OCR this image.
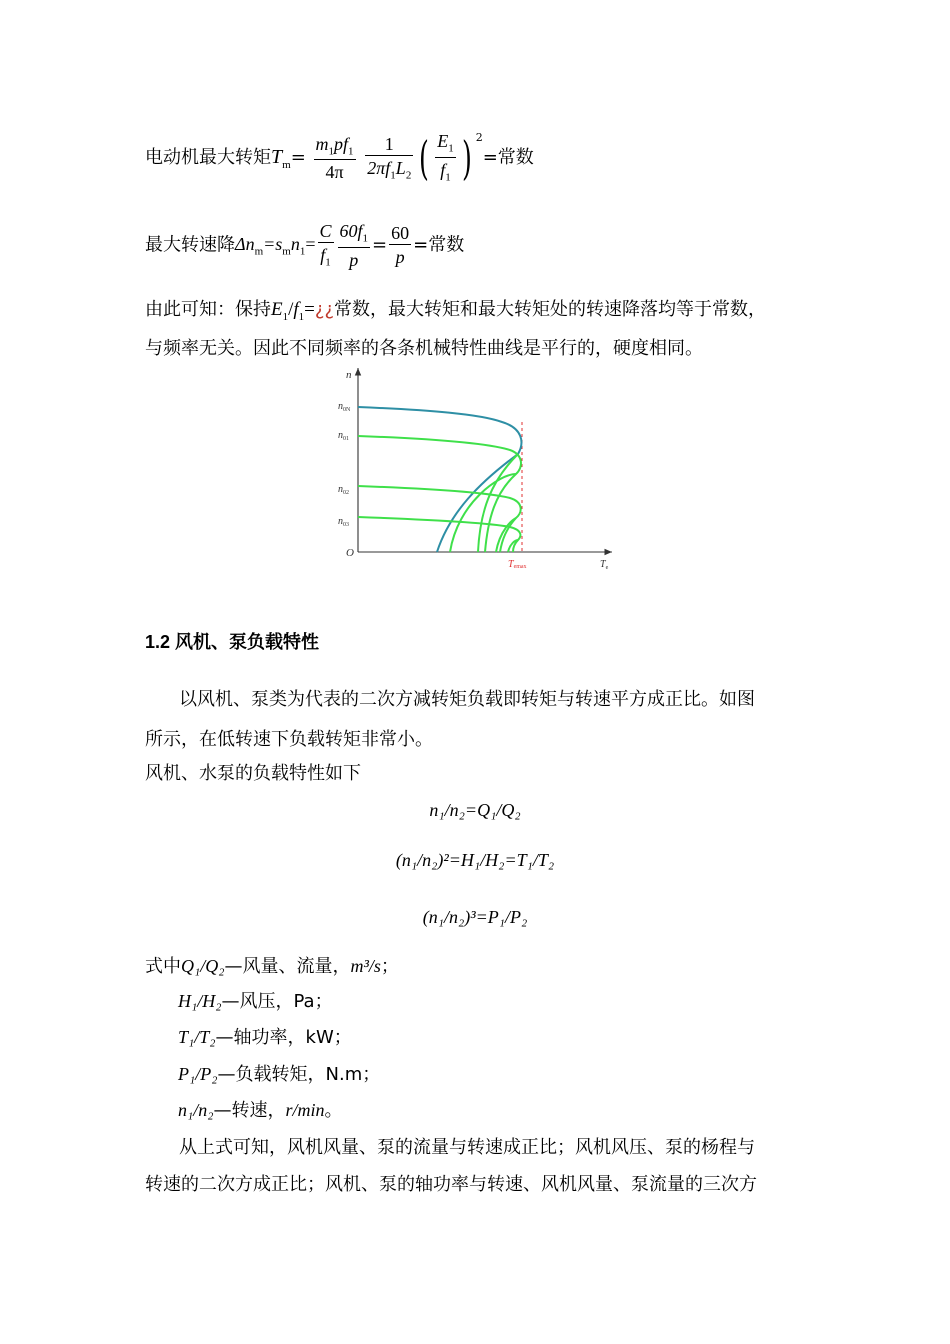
电动机最大转矩$T_m= \frac{m_1pf_1}{4\pi}$
$\frac{1}{2\pi f_1L_2}$ ( $\frac{E_1}{f_1}$ ) $^2$=常数
最大转速降$\Delta n_m=s_mn_1= \frac{C}{f_1} \frac{60f_1}{p} = \frac{60}{p}$ =常数
由此可知：保持$E_1/f_1=¿¿$常数，最大转矩和最大转矩处的转速降落均等于常数，
与频率无关。因此不同频率的各条机械特性曲线是平行的，硬度相同。
n
O
$n_{0N}$
$n_{01}$
$n_{02}$
$n_{03}$
Temax	$T_e$
1.2 风机、泵负载特性
以风机、泵类为代表的二次方减转矩负载即转矩与转速平方成正比。如图
所示，在低转速下负载转矩非常小。
风机、水泵的负载特性如下
n₁/n₂=Q₁/Q₂
(n₁/n₂)²=H₁/H₂=T₁/T₂
(n₁/n₂)³=P₁/P₂
式中Q₁/Q₂—风量、流量，m³/s；
H₁/H₂—风压，Pa；
T₁/T₂—轴功率，kW；
P₁/P₂—负载转矩，N.m；
n₁/n₂—转速，r/min。
从上式可知，风机风量、泵的流量与转速成正比；风机风压、泵的杨程与
转速的二次方成正比；风机、泵的轴功率与转速、风机风量、泵流量的三次方
